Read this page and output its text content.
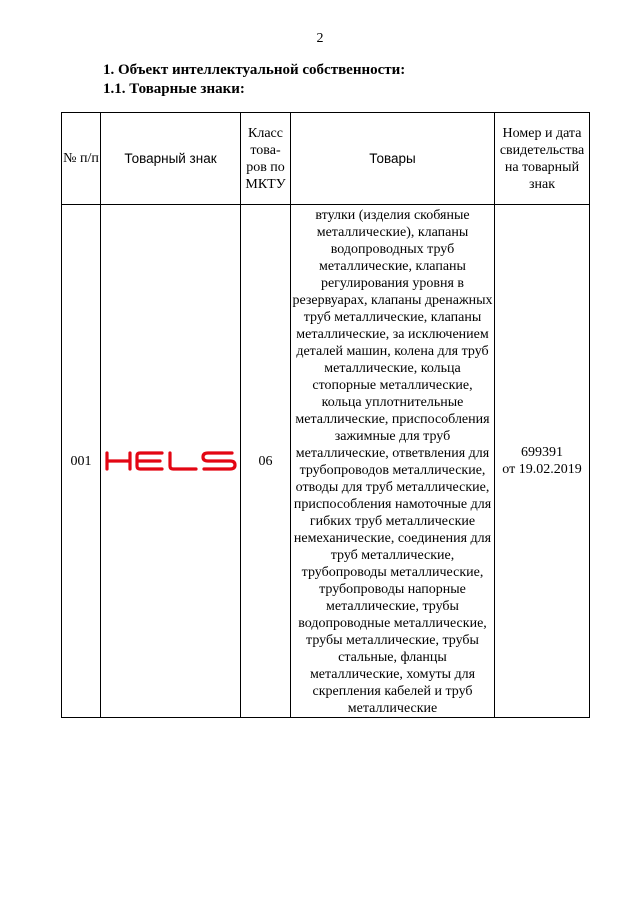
2
1. Объект интеллектуальной собственности:
1.1. Товарные знаки:
№ п/п	Товарный знак	Класс това-ров по МКТУ	Товары	Номер и дата свидетельства на товарный знак
001		06	втулки (изделия скобяные металлические), клапаны водопроводных труб металлические, клапаны регулирования уровня в резервуарах, клапаны дренажных труб металлические, клапаны металлические, за исключением деталей машин, колена для труб металлические, кольца стопорные металлические, кольца уплотнительные металлические, приспособления зажимные для труб металлические, ответвления для трубопроводов металлические, отводы для труб металлические, приспособления намоточные для гибких труб металлические немеханические, соединения для труб металлические, трубопроводы металлические, трубопроводы напорные металлические, трубы водопроводные металлические, трубы металлические, трубы стальные, фланцы металлические, хомуты для скрепления кабелей и труб металлические	699391
от 19.02.2019
